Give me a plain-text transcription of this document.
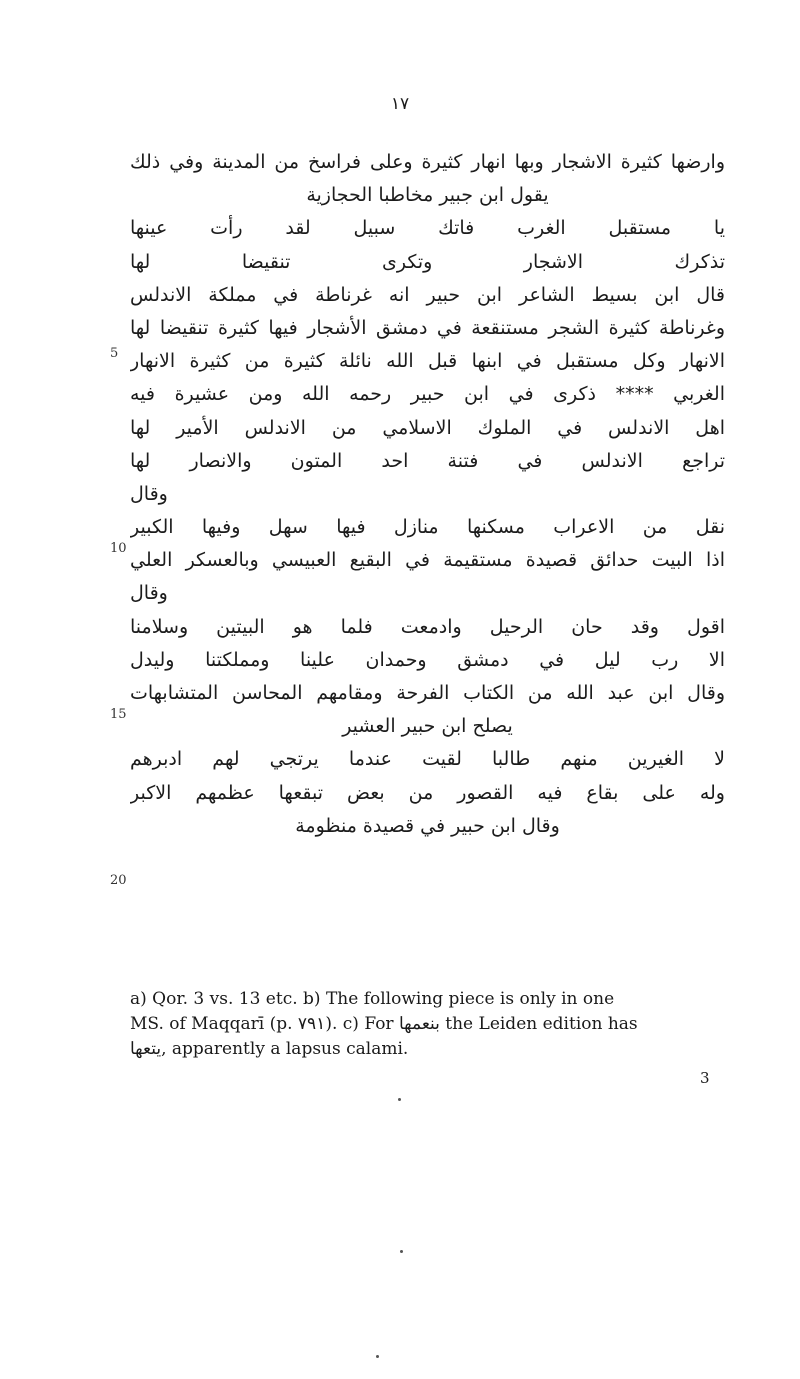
١٧
وارضها كثيرة الاشجار وبها انهار كثيرة وعلى فراسخ من المدينة وفي ذلك
يقول ابن جبير مخاطبا الحجازية
يا مستقبل الغرب فاتك سبيل لقد رأت عينها
تذكرك الاشجار وتكرى تنقيضا لها
قال ابن بسيط الشاعر ابن حبير انه غرناطة في مملكة الاندلس
وغرناطة كثيرة الشجر مستنقعة في دمشق الأشجار فيها كثيرة تنقيضا لها
الانهار وكل مستقبل في ابنها قبل الله نائلة كثيرة من كثيرة الانهار
الغربي **** ذكرى في ابن حبير رحمه الله ومن عشيرة فيه
اهل الاندلس في الملوك الاسلامي من الاندلس الأمير لها
تراجع الاندلس في فتنة احد المتون والانصار لها
وقال
نقل من الاعراب مسكنها منازل فيها سهل وفيها الكبير
اذا البيت حدائق قصيدة مستقيمة في البقيع العبيسي وبالعسكر العلي
وقال
اقول وقد حان الرحيل وادمعت فلما هو البيتين وسلامنا
الا رب ليل في دمشق وحمدان علينا ومملكتنا وليدل
وقال ابن عبد الله من الكتاب الفرحة ومقامهم المحاسن المتشابهات
يصلح ابن حبير العشير
لا الغيرين منهم طالبا لقيت عندما يرتجي لهم ادبرهم
وله على بقاع فيه القصور من بعض تبقعها عظمهم الاكبر
وقال ابن حبير في قصيدة منظومة
5
10
15
20
a) Qor. 3 vs. 13 etc. b) The following piece is only in one
MS. of Maqqarī (p. ٧٩١). c) For بنعمها the Leiden edition has
يتعها, apparently a lapsus calami.
3
